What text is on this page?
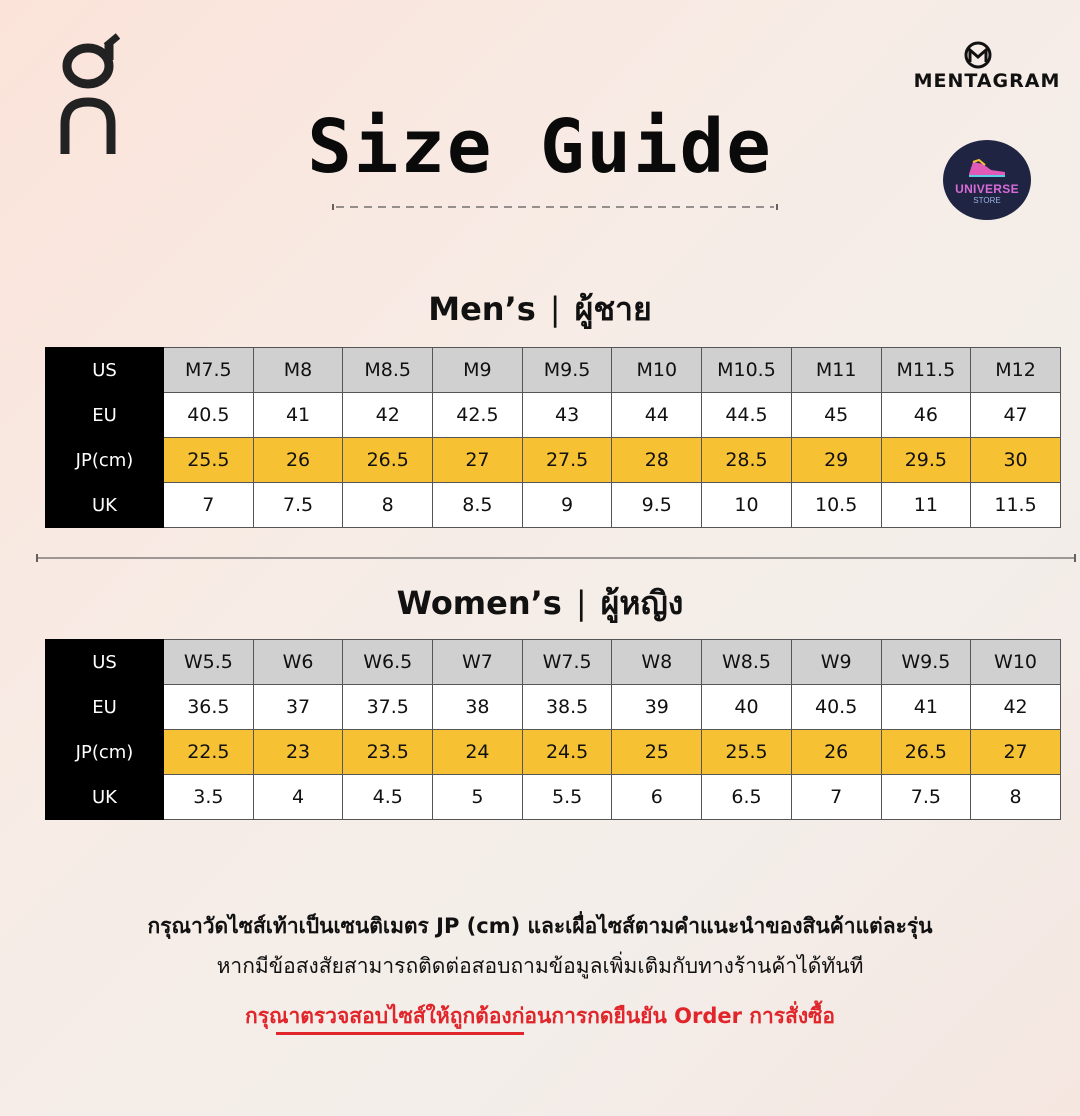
Size Guide
MENTAGRAM
UNIVERSE
STORE
Men’s | ผู้ชาย
US	M7.5	M8	M8.5	M9	M9.5	M10	M10.5	M11	M11.5	M12
EU	40.5	41	42	42.5	43	44	44.5	45	46	47
JP(cm)	25.5	26	26.5	27	27.5	28	28.5	29	29.5	30
UK	7	7.5	8	8.5	9	9.5	10	10.5	11	11.5
Women’s | ผู้หญิง
US	W5.5	W6	W6.5	W7	W7.5	W8	W8.5	W9	W9.5	W10
EU	36.5	37	37.5	38	38.5	39	40	40.5	41	42
JP(cm)	22.5	23	23.5	24	24.5	25	25.5	26	26.5	27
UK	3.5	4	4.5	5	5.5	6	6.5	7	7.5	8
กรุณาวัดไซส์เท้าเป็นเซนติเมตร JP (cm) และเผื่อไซส์ตามคำแนะนำของสินค้าแต่ละรุ่น
หากมีข้อสงสัยสามารถติดต่อสอบถามข้อมูลเพิ่มเติมกับทางร้านค้าได้ทันที
กรุณาตรวจสอบไซส์ให้ถูกต้องก่อนการกดยืนยัน Order การสั่งซื้อ
